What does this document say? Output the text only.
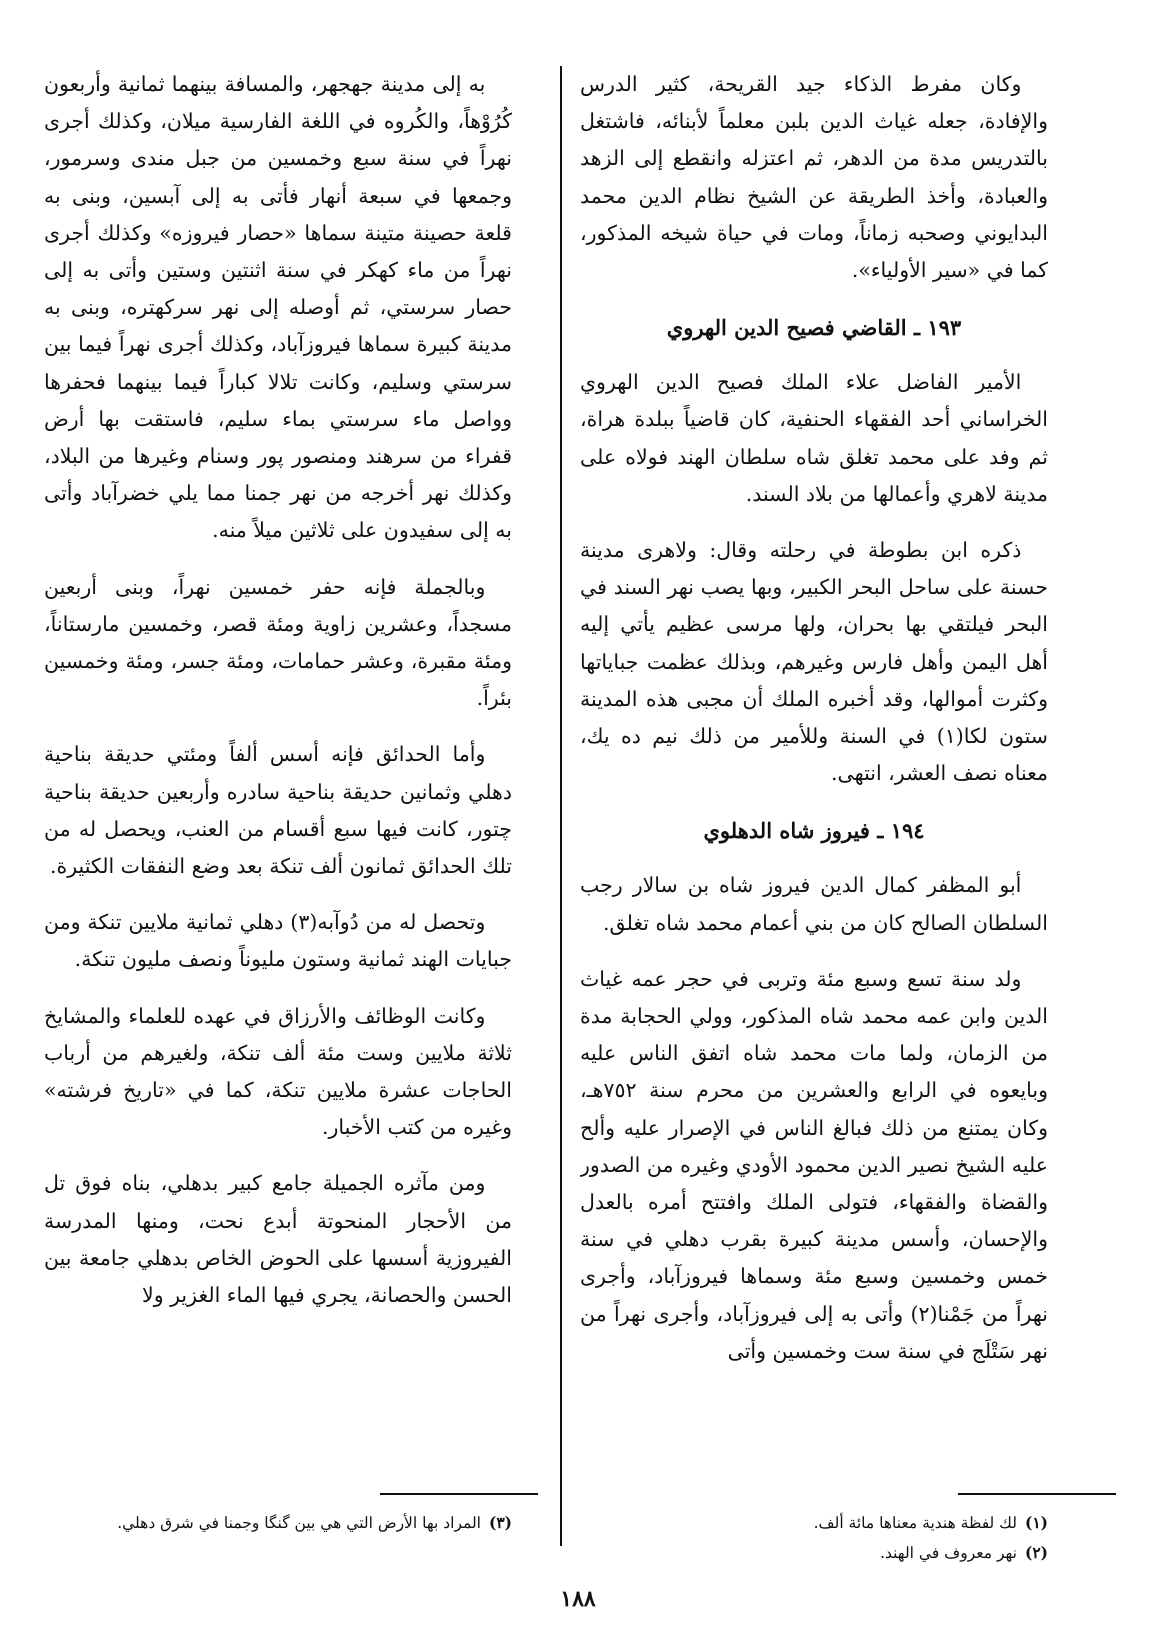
وكان مفرط الذكاء جيد القريحة، كثير الدرس والإفادة، جعله غياث الدين بلبن معلماً لأبنائه، فاشتغل بالتدريس مدة من الدهر، ثم اعتزله وانقطع إلى الزهد والعبادة، وأخذ الطريقة عن الشيخ نظام الدين محمد البدايوني وصحبه زماناً، ومات في حياة شيخه المذكور، كما في «سير الأولياء».

١٩٣ ـ القاضي فصيح الدين الهروي

الأمير الفاضل علاء الملك فصيح الدين الهروي الخراساني أحد الفقهاء الحنفية، كان قاضياً ببلدة هراة، ثم وفد على محمد تغلق شاه سلطان الهند فولاه على مدينة لاهري وأعمالها من بلاد السند.

ذكره ابن بطوطة في رحلته وقال: ولاهرى مدينة حسنة على ساحل البحر الكبير، وبها يصب نهر السند في البحر فيلتقي بها بحران، ولها مرسى عظيم يأتي إليه أهل اليمن وأهل فارس وغيرهم، وبذلك عظمت جباياتها وكثرت أموالها، وقد أخبره الملك أن مجبى هذه المدينة ستون لكا(١) في السنة وللأمير من ذلك نيم ده يك، معناه نصف العشر، انتهى.

١٩٤ ـ فيروز شاه الدهلوي

أبو المظفر كمال الدين فيروز شاه بن سالار رجب السلطان الصالح كان من بني أعمام محمد شاه تغلق.

ولد سنة تسع وسبع مئة وتربى في حجر عمه غياث الدين وابن عمه محمد شاه المذكور، وولي الحجابة مدة من الزمان، ولما مات محمد شاه اتفق الناس عليه وبايعوه في الرابع والعشرين من محرم سنة ٧٥٢هـ، وكان يمتنع من ذلك فبالغ الناس في الإصرار عليه وألح عليه الشيخ نصير الدين محمود الأودي وغيره من الصدور والقضاة والفقهاء، فتولى الملك وافتتح أمره بالعدل والإحسان، وأسس مدينة كبيرة بقرب دهلي في سنة خمس وخمسين وسبع مئة وسماها فيروزآباد، وأجرى نهراً من جَمْنا(٢) وأتى به إلى فيروزآباد، وأجرى نهراً من نهر سَتْلَج في سنة ست وخمسين وأتى

به إلى مدينة جهجهر، والمسافة بينهما ثمانية وأربعون كُرُوْهاً، والكُروه في اللغة الفارسية ميلان، وكذلك أجرى نهراً في سنة سبع وخمسين من جبل مندى وسرمور، وجمعها في سبعة أنهار فأتى به إلى آبسين، وبنى به قلعة حصينة متينة سماها «حصار فيروزه» وكذلك أجرى نهراً من ماء كهكر في سنة اثنتين وستين وأتى به إلى حصار سرستي، ثم أوصله إلى نهر سركهتره، وبنى به مدينة كبيرة سماها فيروزآباد، وكذلك أجرى نهراً فيما بين سرستي وسليم، وكانت تلالا كباراً فيما بينهما فحفرها وواصل ماء سرستي بماء سليم، فاستقت بها أرض قفراء من سرهند ومنصور پور وسنام وغيرها من البلاد، وكذلك نهر أخرجه من نهر جمنا مما يلي خضرآباد وأتى به إلى سفيدون على ثلاثين ميلاً منه.

وبالجملة فإنه حفر خمسين نهراً، وبنى أربعين مسجداً، وعشرين زاوية ومئة قصر، وخمسين مارستاناً، ومئة مقبرة، وعشر حمامات، ومئة جسر، ومئة وخمسين بئراً.

وأما الحدائق فإنه أسس ألفاً ومئتي حديقة بناحية دهلي وثمانين حديقة بناحية سادره وأربعين حديقة بناحية چتور، كانت فيها سبع أقسام من العنب، ويحصل له من تلك الحدائق ثمانون ألف تنكة بعد وضع النفقات الكثيرة.

وتحصل له من دُوآبه(٣) دهلي ثمانية ملايين تنكة ومن جبايات الهند ثمانية وستون مليوناً ونصف مليون تنكة.

وكانت الوظائف والأرزاق في عهده للعلماء والمشايخ ثلاثة ملايين وست مئة ألف تنكة، ولغيرهم من أرباب الحاجات عشرة ملايين تنكة، كما في «تاريخ فرشته» وغيره من كتب الأخبار.

ومن مآثره الجميلة جامع كبير بدهلي، بناه فوق تل من الأحجار المنحوتة أبدع نحت، ومنها المدرسة الفيروزية أسسها على الحوض الخاص بدهلي جامعة بين الحسن والحصانة، يجري فيها الماء الغزير ولا

(١)لك لفظة هندية معناها مائة ألف.

(٢)نهر معروف في الهند.

(٣)المراد بها الأرض التي هي بين گنگا وجمنا في شرق دهلي.

١٨٨
